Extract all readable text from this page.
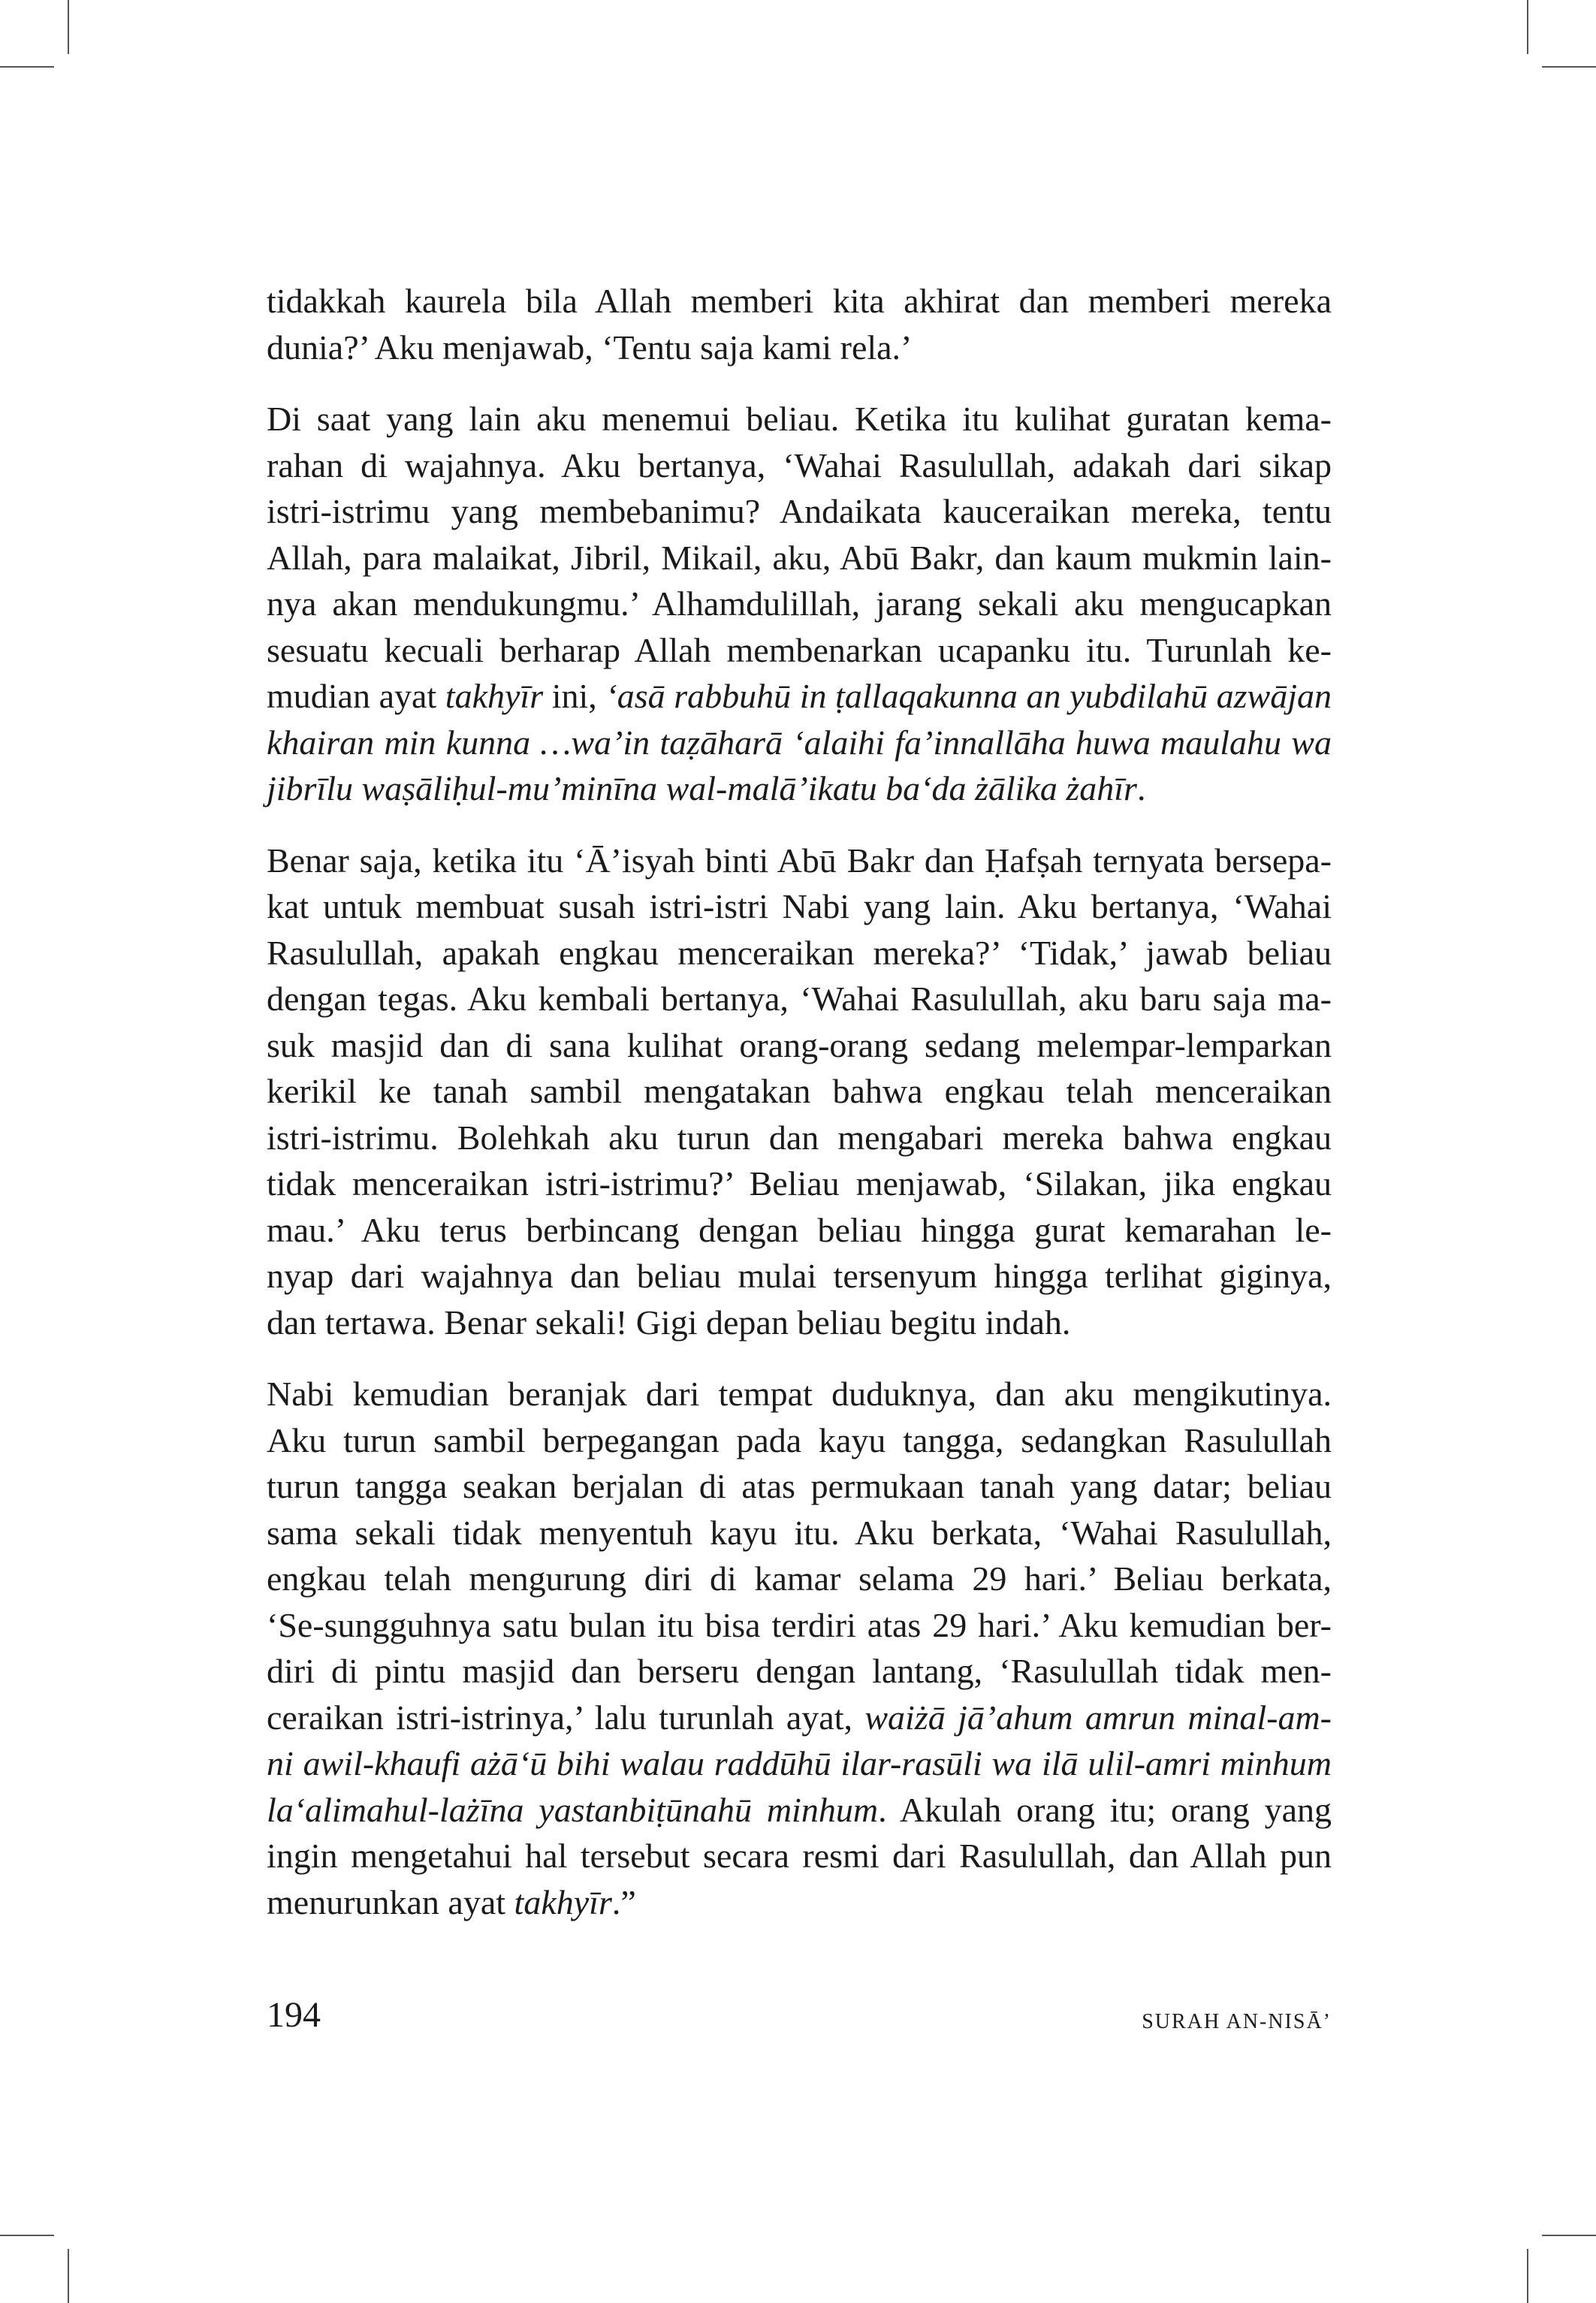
tidakkah kaurela bila Allah memberi kita akhirat dan memberi mereka
dunia?’ Aku menjawab, ‘Tentu saja kami rela.’

Di saat yang lain aku menemui beliau. Ketika itu kulihat guratan kema-
rahan di wajahnya. Aku bertanya, ‘Wahai Rasulullah, adakah dari sikap
istri-istrimu yang membebanimu? Andaikata kauceraikan mereka, tentu
Allah, para malaikat, Jibril, Mikail, aku, Abū Bakr, dan kaum mukmin lain-
nya akan mendukungmu.’ Alhamdulillah, jarang sekali aku mengucapkan
sesuatu kecuali berharap Allah membenarkan ucapanku itu. Turunlah ke-
mudian ayat takhyīr ini, ‘asā rabbuhū in ṭallaqakunna an yubdilahū azwājan
khairan min kunna …wa’in taẓāharā ‘alaihi fa’innallāha huwa maulahu wa
jibrīlu waṣāliḥul-mu’minīna wal-malā’ikatu ba‘da żālika żahīr.

Benar saja, ketika itu ‘Ā’isyah binti Abū Bakr dan Ḥafṣah ternyata bersepa-
kat untuk membuat susah istri-istri Nabi yang lain. Aku bertanya, ‘Wahai
Rasulullah, apakah engkau menceraikan mereka?’ ‘Tidak,’ jawab beliau
dengan tegas. Aku kembali bertanya, ‘Wahai Rasulullah, aku baru saja ma-
suk masjid dan di sana kulihat orang-orang sedang melempar-lemparkan
kerikil ke tanah sambil mengatakan bahwa engkau telah menceraikan
istri-istrimu. Bolehkah aku turun dan mengabari mereka bahwa engkau
tidak menceraikan istri-istrimu?’ Beliau menjawab, ‘Silakan, jika engkau
mau.’ Aku terus berbincang dengan beliau hingga gurat kemarahan le-
nyap dari wajahnya dan beliau mulai tersenyum hingga terlihat giginya,
dan tertawa. Benar sekali! Gigi depan beliau begitu indah.

Nabi kemudian beranjak dari tempat duduknya, dan aku mengikutinya.
Aku turun sambil berpegangan pada kayu tangga, sedangkan Rasulullah
turun tangga seakan berjalan di atas permukaan tanah yang datar; beliau
sama sekali tidak menyentuh kayu itu. Aku berkata, ‘Wahai Rasulullah,
engkau telah mengurung diri di kamar selama 29 hari.’ Beliau berkata,
‘Se-sungguhnya satu bulan itu bisa terdiri atas 29 hari.’ Aku kemudian ber-
diri di pintu masjid dan berseru dengan lantang, ‘Rasulullah tidak men-
ceraikan istri-istrinya,’ lalu turunlah ayat, waiżā jā’ahum amrun minal-am-
ni awil-khaufi ażā‘ū bihi walau raddūhū ilar-rasūli wa ilā ulil-amri minhum
la‘alimahul-lażīna yastanbiṭūnahū minhum. Akulah orang itu; orang yang
ingin mengetahui hal tersebut secara resmi dari Rasulullah, dan Allah pun
menurunkan ayat takhyīr.”

194	SURAH AN-NISĀ’
